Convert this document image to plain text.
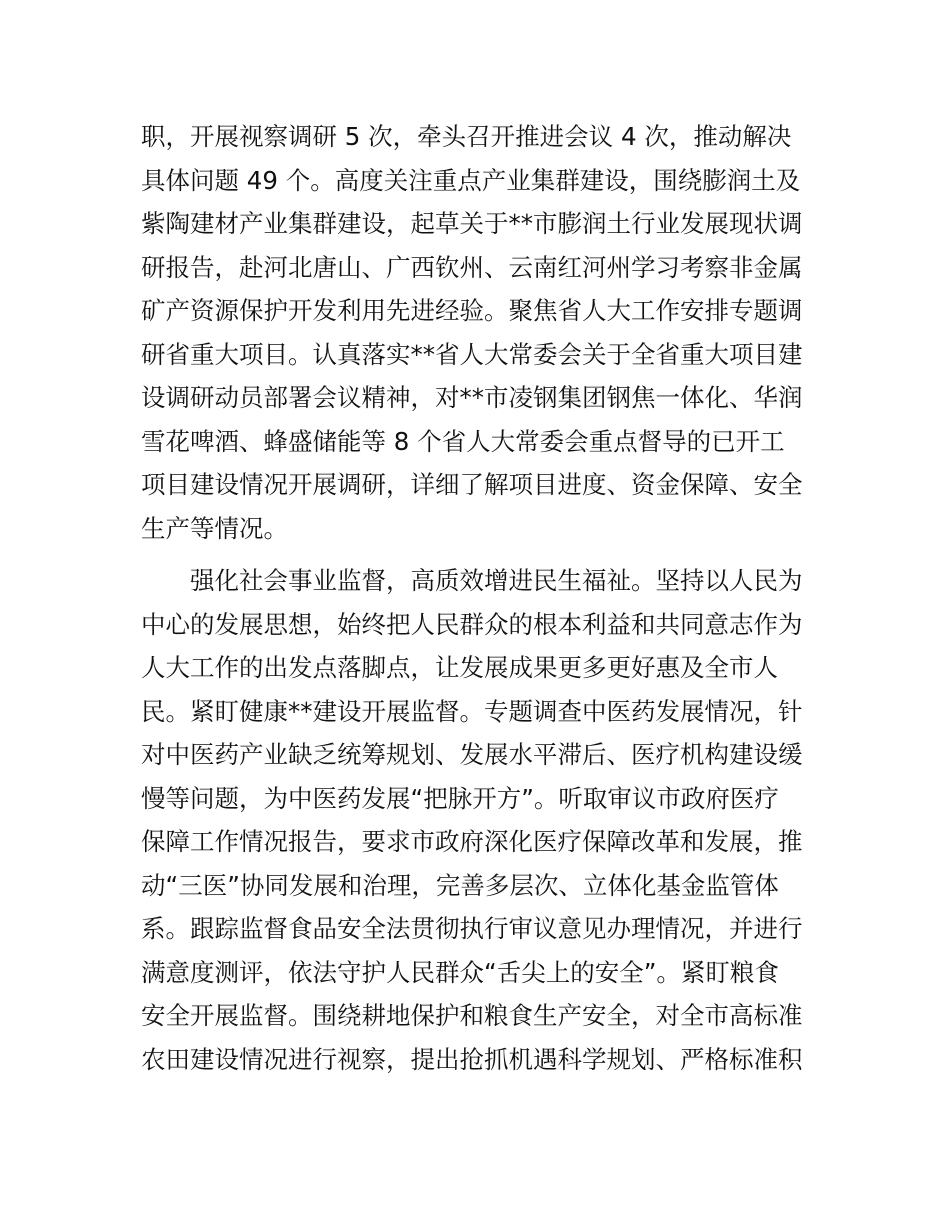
职，开展视察调研 5 次，牵头召开推进会议 4 次，推动解决
具体问题 49 个。高度关注重点产业集群建设，围绕膨润土及
紫陶建材产业集群建设，起草关于**市膨润土行业发展现状调
研报告，赴河北唐山、广西钦州、云南红河州学习考察非金属
矿产资源保护开发利用先进经验。聚焦省人大工作安排专题调
研省重大项目。认真落实**省人大常委会关于全省重大项目建
设调研动员部署会议精神，对**市凌钢集团钢焦一体化、华润
雪花啤酒、蜂盛储能等 8 个省人大常委会重点督导的已开工
项目建设情况开展调研，详细了解项目进度、资金保障、安全
生产等情况。
强化社会事业监督，高质效增进民生福祉。坚持以人民为
中心的发展思想，始终把人民群众的根本利益和共同意志作为
人大工作的出发点落脚点，让发展成果更多更好惠及全市人
民。紧盯健康**建设开展监督。专题调查中医药发展情况，针
对中医药产业缺乏统筹规划、发展水平滞后、医疗机构建设缓
慢等问题，为中医药发展“把脉开方”。听取审议市政府医疗
保障工作情况报告，要求市政府深化医疗保障改革和发展，推
动“三医”协同发展和治理，完善多层次、立体化基金监管体
系。跟踪监督食品安全法贯彻执行审议意见办理情况，并进行
满意度测评，依法守护人民群众“舌尖上的安全”。紧盯粮食
安全开展监督。围绕耕地保护和粮食生产安全，对全市高标准
农田建设情况进行视察，提出抢抓机遇科学规划、严格标准积
